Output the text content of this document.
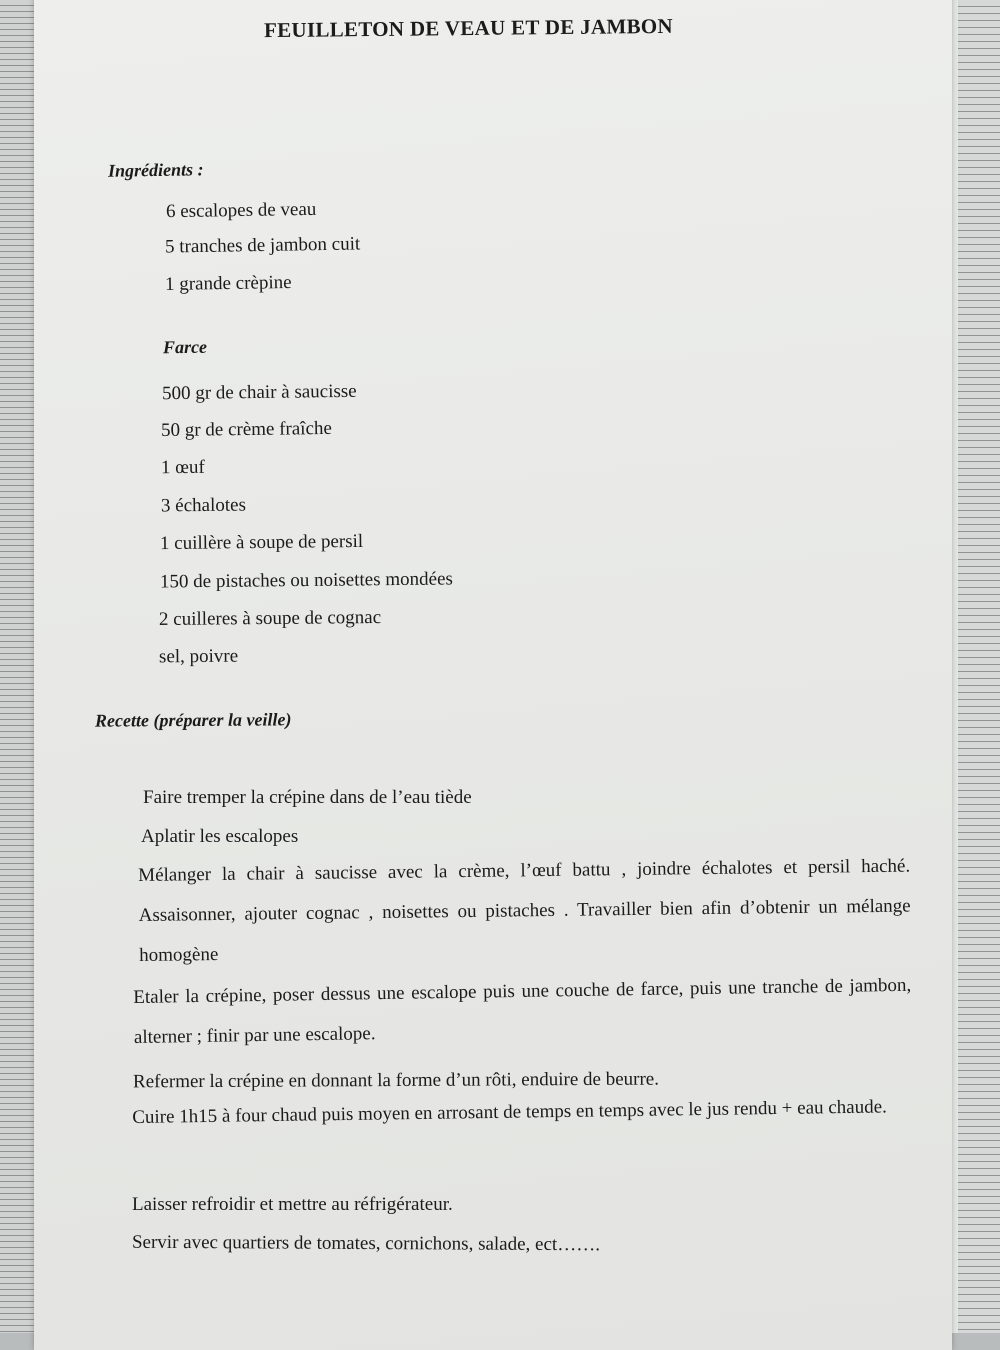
FEUILLETON DE VEAU ET DE JAMBON
Ingrédients :
6 escalopes de veau
5 tranches de jambon cuit
1 grande crèpine
Farce
500 gr de chair à saucisse
50 gr de crème fraîche
1 œuf
3 échalotes
1 cuillère à soupe de persil
150 de pistaches ou noisettes mondées
2 cuilleres à soupe de cognac
sel, poivre
Recette (préparer la veille)
Faire tremper la crépine dans de l’eau tiède
Aplatir les escalopes
Mélanger la chair à saucisse avec la crème, l’œuf battu , joindre échalotes et persil haché. Assaisonner, ajouter cognac , noisettes ou pistaches . Travailler bien afin d’obtenir un mélange homogène
Etaler la crépine, poser dessus une escalope puis une couche de farce, puis une tranche de jambon, alterner ; finir par une escalope.
Refermer la crépine en donnant la forme d’un rôti, enduire de beurre.
Cuire 1h15 à four chaud puis moyen en arrosant de temps en temps avec le jus rendu + eau chaude.
Laisser refroidir et mettre au réfrigérateur.
Servir avec quartiers de tomates, cornichons, salade, ect…….
